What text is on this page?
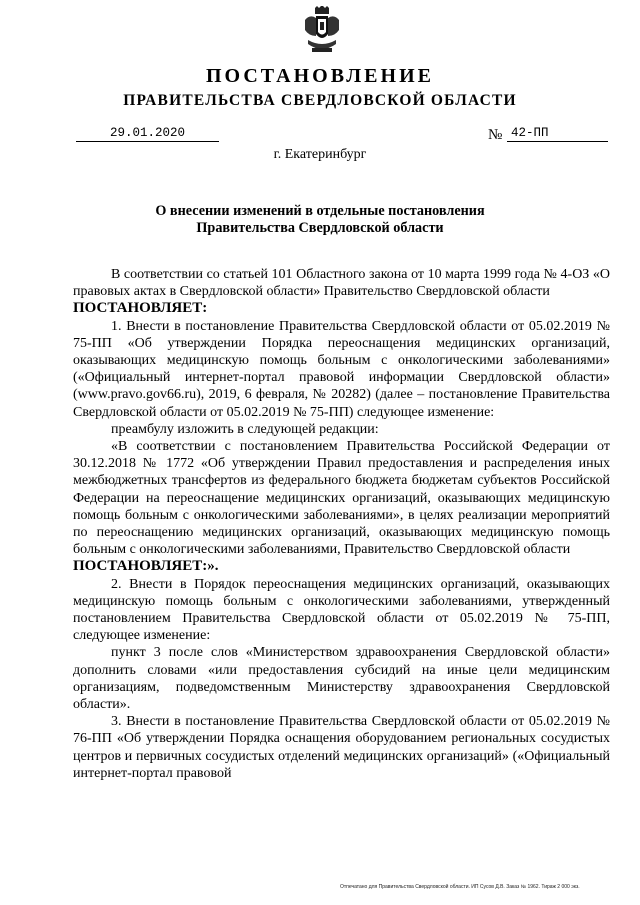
ПОСТАНОВЛЕНИЕ
ПРАВИТЕЛЬСТВА СВЕРДЛОВСКОЙ ОБЛАСТИ
29.01.2020	№ 42-ПП
г. Екатеринбург
О внесении изменений в отдельные постановления
Правительства Свердловской области

В соответствии со статьей 101 Областного закона от 10 марта 1999 года № 4-ОЗ «О правовых актах в Свердловской области» Правительство Свердловской области

ПОСТАНОВЛЯЕТ:

1. Внести в постановление Правительства Свердловской области от 05.02.2019 № 75-ПП «Об утверждении Порядка переоснащения медицинских организаций, оказывающих медицинскую помощь больным с онкологическими заболеваниями» («Официальный интернет-портал правовой информации Свердловской области» (www.pravo.gov66.ru), 2019, 6 февраля, № 20282) (далее – постановление Правительства Свердловской области от 05.02.2019 № 75-ПП) следующее изменение:

преамбулу изложить в следующей редакции:

«В соответствии с постановлением Правительства Российской Федерации от 30.12.2018 № 1772 «Об утверждении Правил предоставления и распределения иных межбюджетных трансфертов из федерального бюджета бюджетам субъектов Российской Федерации на переоснащение медицинских организаций, оказывающих медицинскую помощь больным с онкологическими заболеваниями», в целях реализации мероприятий по переоснащению медицинских организаций, оказывающих медицинскую помощь больным с онкологическими заболеваниями, Правительство Свердловской области

ПОСТАНОВЛЯЕТ:».

2. Внести в Порядок переоснащения медицинских организаций, оказывающих медицинскую помощь больным с онкологическими заболеваниями, утвержденный постановлением Правительства Свердловской области от 05.02.2019 № 75-ПП, следующее изменение:

пункт 3 после слов «Министерством здравоохранения Свердловской области» дополнить словами «или предоставления субсидий на иные цели медицинским организациям, подведомственным Министерству здравоохранения Свердловской области».

3. Внести в постановление Правительства Свердловской области от 05.02.2019 № 76-ПП «Об утверждении Порядка оснащения оборудованием региональных сосудистых центров и первичных сосудистых отделений медицинских организаций» («Официальный интернет-портал правовой

Отпечатано для Правительства Свердловской области. ИП Сусов Д.В. Заказ № 1962. Тираж 2 000 экз.
